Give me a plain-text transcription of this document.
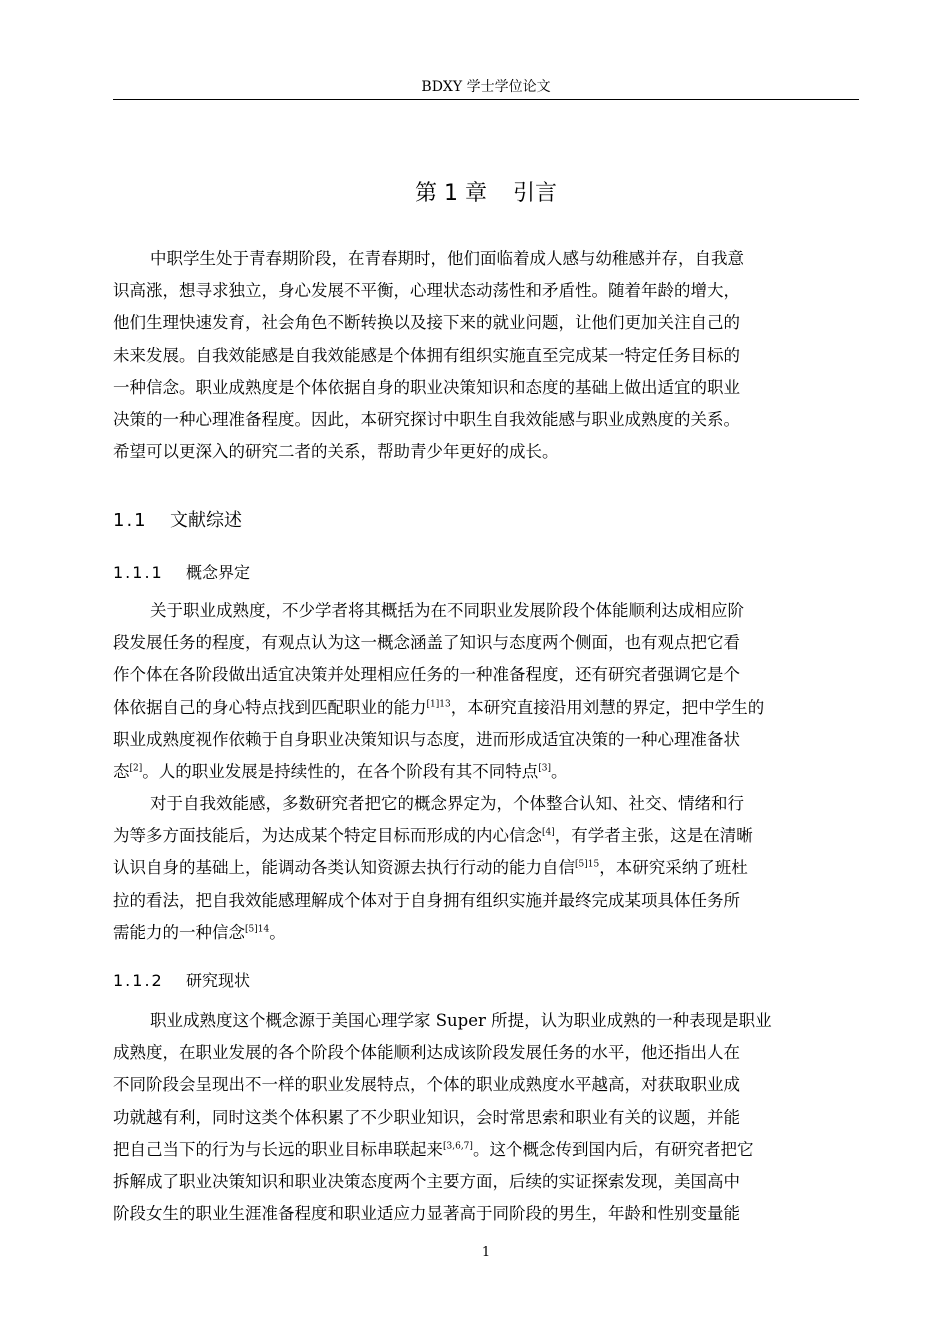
BDXY 学士学位论文
第 1 章 引言

中职学生处于青春期阶段，在青春期时，他们面临着成人感与幼稚感并存，自我意
识高涨，想寻求独立，身心发展不平衡，心理状态动荡性和矛盾性。随着年龄的增大，
他们生理快速发育，社会角色不断转换以及接下来的就业问题，让他们更加关注自己的
未来发展。自我效能感是自我效能感是个体拥有组织实施直至完成某一特定任务目标的
一种信念。职业成熟度是个体依据自身的职业决策知识和态度的基础上做出适宜的职业
决策的一种心理准备程度。因此，本研究探讨中职生自我效能感与职业成熟度的关系。
希望可以更深入的研究二者的关系，帮助青少年更好的成长。

1.1 文献综述
1.1.1 概念界定

关于职业成熟度，不少学者将其概括为在不同职业发展阶段个体能顺利达成相应阶
段发展任务的程度，有观点认为这一概念涵盖了知识与态度两个侧面，也有观点把它看
作个体在各阶段做出适宜决策并处理相应任务的一种准备程度，还有研究者强调它是个
体依据自己的身心特点找到匹配职业的能力$^{[1]13}$，本研究直接沿用刘慧的界定，把中学生的
职业成熟度视作依赖于自身职业决策知识与态度，进而形成适宜决策的一种心理准备状
态[2]。人的职业发展是持续性的，在各个阶段有其不同特点[3]。

对于自我效能感，多数研究者把它的概念界定为，个体整合认知、社交、情绪和行
为等多方面技能后，为达成某个特定目标而形成的内心信念[4]，有学者主张，这是在清晰
认识自身的基础上，能调动各类认知资源去执行行动的能力自信$^{[5]15}$，本研究采纳了班杜
拉的看法，把自我效能感理解成个体对于自身拥有组织实施并最终完成某项具体任务所
需能力的一种信念$^{[5]14}$。

1.1.2 研究现状

职业成熟度这个概念源于美国心理学家 Super 所提，认为职业成熟的一种表现是职业
成熟度，在职业发展的各个阶段个体能顺利达成该阶段发展任务的水平，他还指出人在
不同阶段会呈现出不一样的职业发展特点，个体的职业成熟度水平越高，对获取职业成
功就越有利，同时这类个体积累了不少职业知识，会时常思索和职业有关的议题，并能
把自己当下的行为与长远的职业目标串联起来[3,6,7]。这个概念传到国内后，有研究者把它
拆解成了职业决策知识和职业决策态度两个主要方面，后续的实证探索发现，美国高中
阶段女生的职业生涯准备程度和职业适应力显著高于同阶段的男生，年龄和性别变量能

1
